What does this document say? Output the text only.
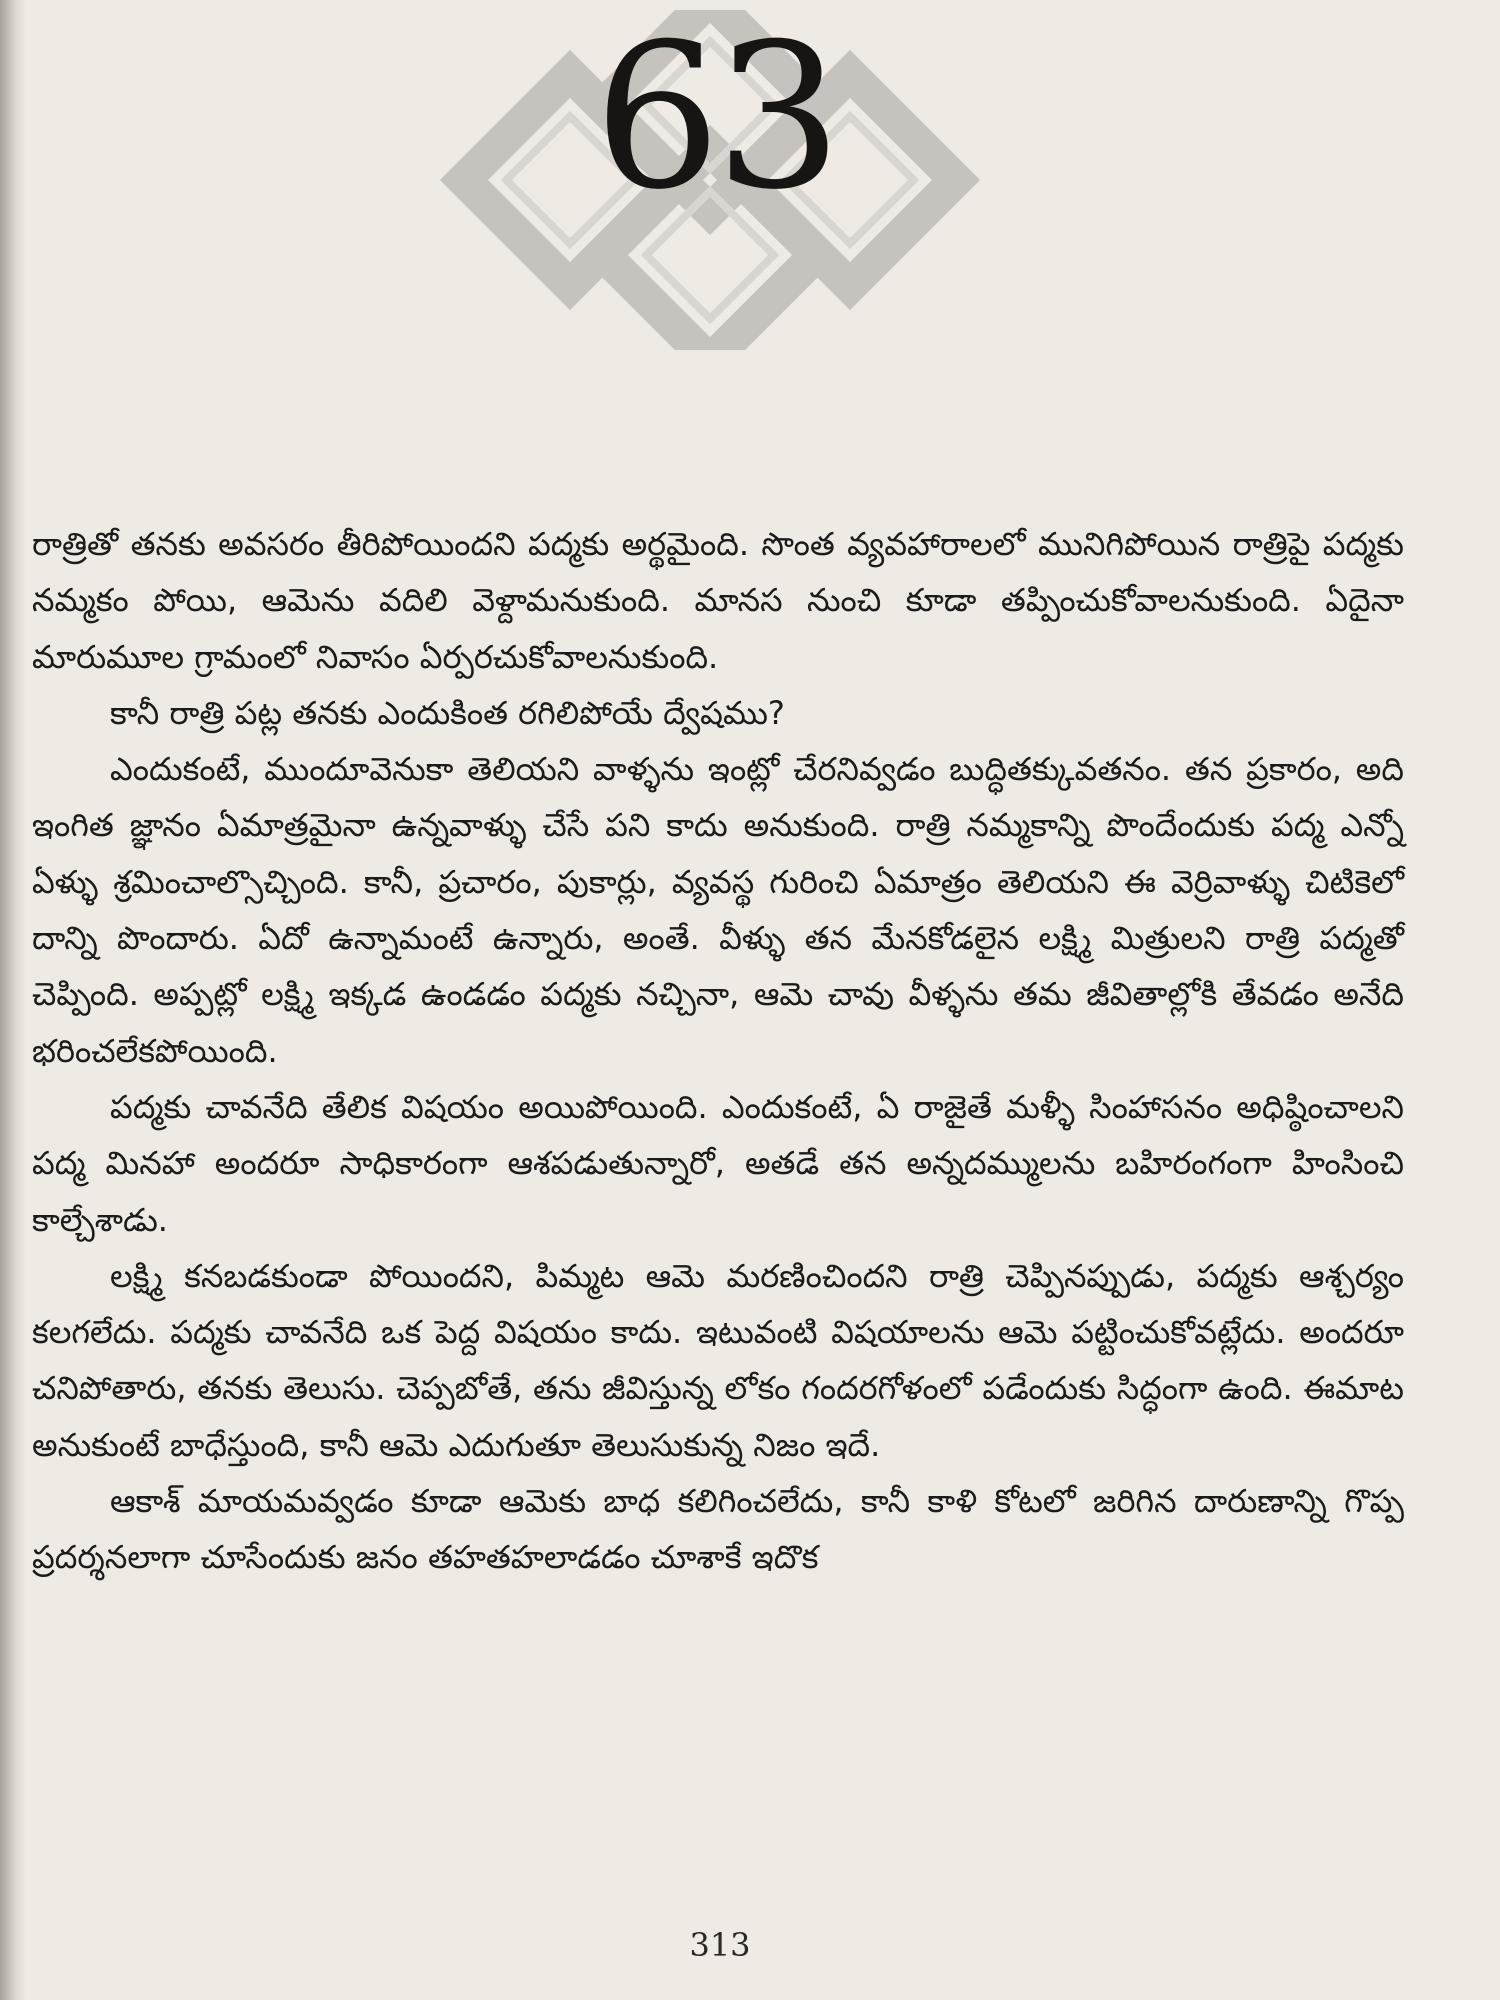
63

రాత్రితో తనకు అవసరం తీరిపోయిందని పద్మకు అర్థమైంది. సొంత వ్యవహారాలలో మునిగిపోయిన రాత్రిపై పద్మకు నమ్మకం పోయి, ఆమెను వదిలి వెళ్దామనుకుంది. మానస నుంచి కూడా తప్పించుకోవాలనుకుంది. ఏదైనా మారుమూల గ్రామంలో నివాసం ఏర్పరచుకోవాలనుకుంది.

కానీ రాత్రి పట్ల తనకు ఎందుకింత రగిలిపోయే ద్వేషము?

ఎందుకంటే, ముందూవెనుకా తెలియని వాళ్ళను ఇంట్లో చేరనివ్వడం బుద్ధితక్కువతనం. తన ప్రకారం, అది ఇంగిత జ్ఞానం ఏమాత్రమైనా ఉన్నవాళ్ళు చేసే పని కాదు అనుకుంది. రాత్రి నమ్మకాన్ని పొందేందుకు పద్మ ఎన్నో ఏళ్ళు శ్రమించాల్సొచ్చింది. కానీ, ప్రచారం, పుకార్లు, వ్యవస్థ గురించి ఏమాత్రం తెలియని ఈ వెర్రివాళ్ళు చిటికెలో దాన్ని పొందారు. ఏదో ఉన్నామంటే ఉన్నారు, అంతే. వీళ్ళు తన మేనకోడలైన లక్ష్మి మిత్రులని రాత్రి పద్మతో చెప్పింది. అప్పట్లో లక్ష్మి ఇక్కడ ఉండడం పద్మకు నచ్చినా, ఆమె చావు వీళ్ళను తమ జీవితాల్లోకి తేవడం అనేది భరించలేకపోయింది.

పద్మకు చావనేది తేలిక విషయం అయిపోయింది. ఎందుకంటే, ఏ రాజైతే మళ్ళీ సింహాసనం అధిష్ఠించాలని పద్మ మినహా అందరూ సాధికారంగా ఆశపడుతున్నారో, అతడే తన అన్నదమ్ములను బహిరంగంగా హింసించి కాల్చేశాడు.

లక్ష్మి కనబడకుండా పోయిందని, పిమ్మట ఆమె మరణించిందని రాత్రి చెప్పినప్పుడు, పద్మకు ఆశ్చర్యం కలగలేదు. పద్మకు చావనేది ఒక పెద్ద విషయం కాదు. ఇటువంటి విషయాలను ఆమె పట్టించుకోవట్లేదు. అందరూ చనిపోతారు, తనకు తెలుసు. చెప్పబోతే, తను జీవిస్తున్న లోకం గందరగోళంలో పడేందుకు సిద్ధంగా ఉంది. ఈమాట అనుకుంటే బాధేస్తుంది, కానీ ఆమె ఎదుగుతూ తెలుసుకున్న నిజం ఇదే.

ఆకాశ్ మాయమవ్వడం కూడా ఆమెకు బాధ కలిగించలేదు, కానీ కాళి కోటలో జరిగిన దారుణాన్ని గొప్ప ప్రదర్శనలాగా చూసేందుకు జనం తహతహలాడడం చూశాకే ఇదొక

313
